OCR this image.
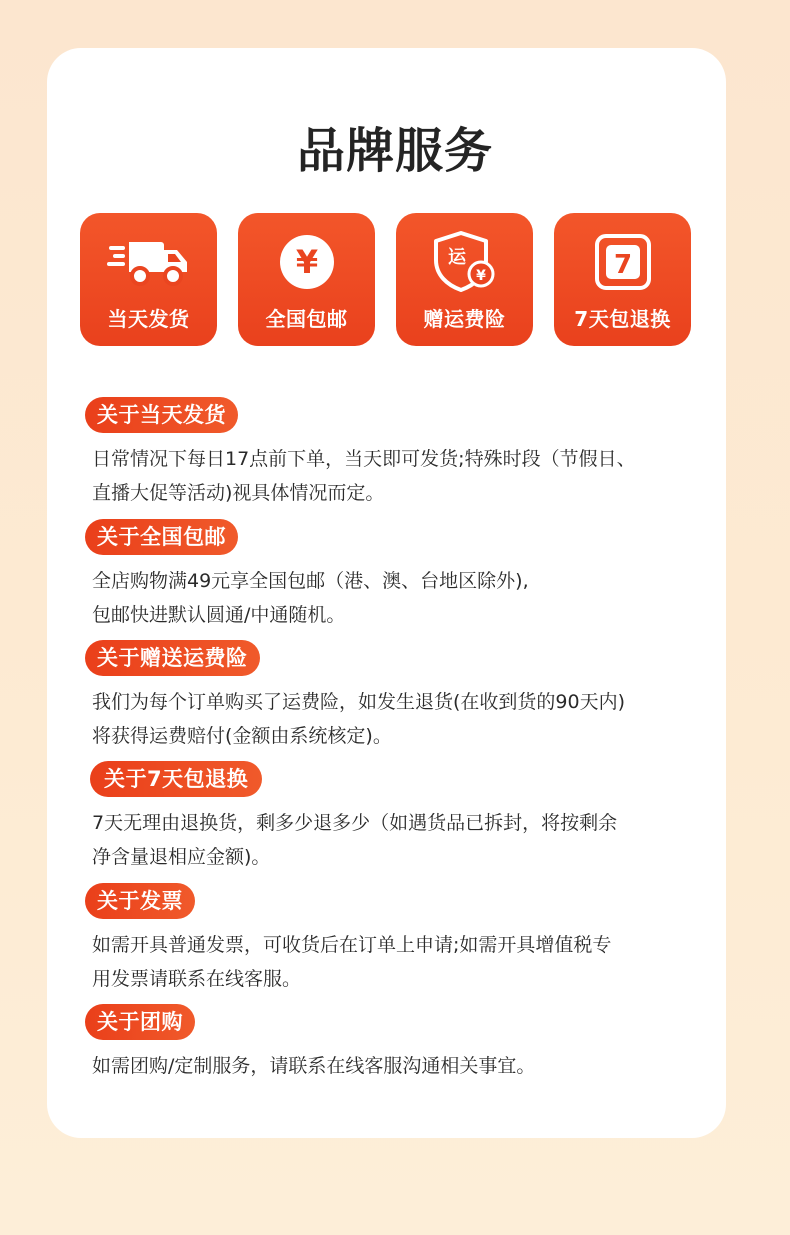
品牌服务
当天发货
¥
全国包邮
运
¥
赠运费险
7
7天包退换
关于当天发货

日常情况下每日17点前下单，当天即可发货;特殊时段（节假日、
直播大促等活动)视具体情况而定。

关于全国包邮

全店购物满49元享全国包邮（港、澳、台地区除外),
包邮快进默认圆通/中通随机。

关于赠送运费险

我们为每个订单购买了运费险，如发生退货(在收到货的90天内)
将获得运费赔付(金额由系统核定)。

关于7天包退换

7天无理由退换货，剩多少退多少（如遇货品已拆封，将按剩余
净含量退相应金额)。

关于发票

如需开具普通发票，可收货后在订单上申请;如需开具增值税专
用发票请联系在线客服。

关于团购

如需团购/定制服务，请联系在线客服沟通相关事宜。
